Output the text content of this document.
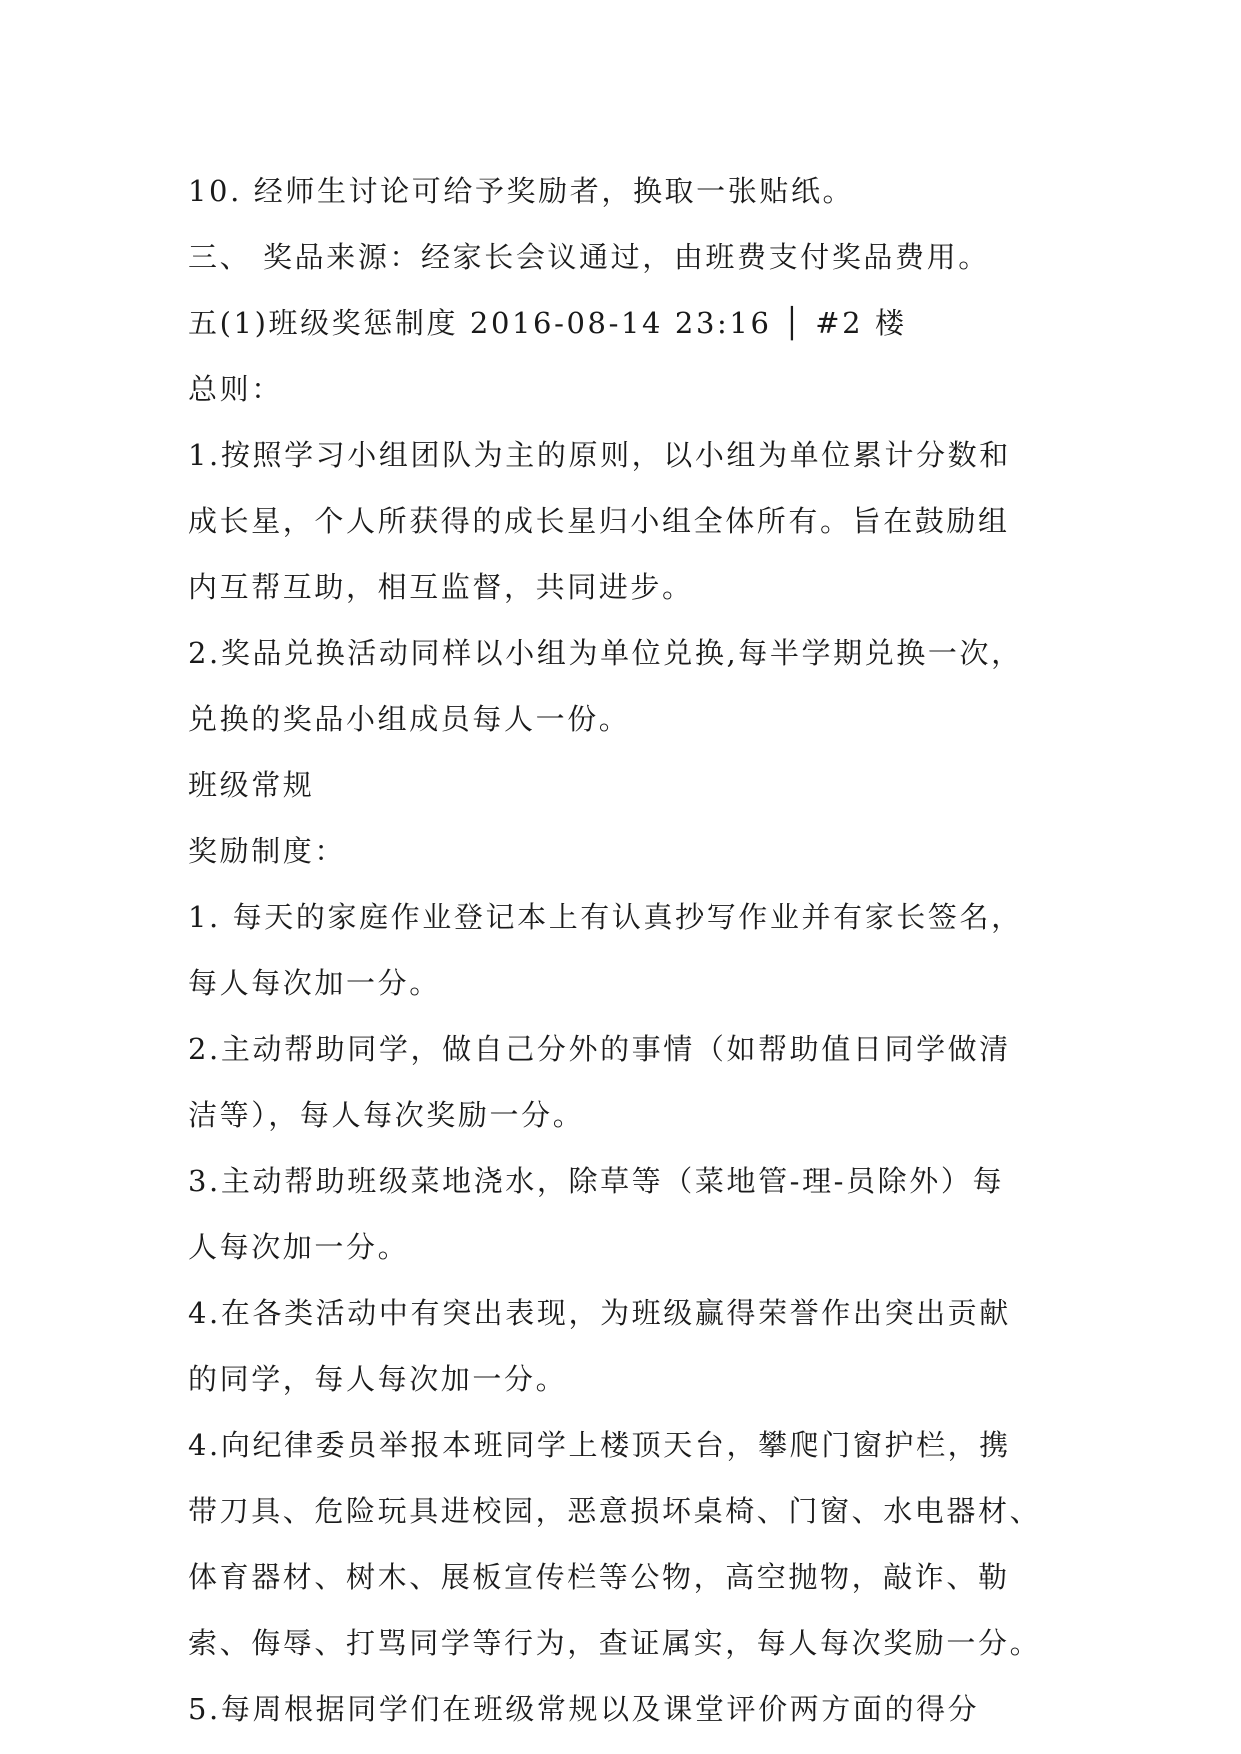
10. 经师生讨论可给予奖励者，换取一张贴纸。
三、 奖品来源：经家长会议通过，由班费支付奖品费用。
五(1)班级奖惩制度 2016-08-14 23:16 │ #2 楼
总则：
1.按照学习小组团队为主的原则，以小组为单位累计分数和
成长星，个人所获得的成长星归小组全体所有。旨在鼓励组
内互帮互助，相互监督，共同进步。
2.奖品兑换活动同样以小组为单位兑换,每半学期兑换一次，
兑换的奖品小组成员每人一份。
班级常规
奖励制度：
1. 每天的家庭作业登记本上有认真抄写作业并有家长签名，
每人每次加一分。
2.主动帮助同学，做自己分外的事情（如帮助值日同学做清
洁等），每人每次奖励一分。
3.主动帮助班级菜地浇水，除草等（菜地管-理-员除外）每
人每次加一分。
4.在各类活动中有突出表现，为班级赢得荣誉作出突出贡献
的同学，每人每次加一分。
4.向纪律委员举报本班同学上楼顶天台，攀爬门窗护栏，携
带刀具、危险玩具进校园，恶意损坏桌椅、门窗、水电器材、
体育器材、树木、展板宣传栏等公物，高空抛物，敲诈、勒
索、侮辱、打骂同学等行为，查证属实，每人每次奖励一分。
5.每周根据同学们在班级常规以及课堂评价两方面的得分
